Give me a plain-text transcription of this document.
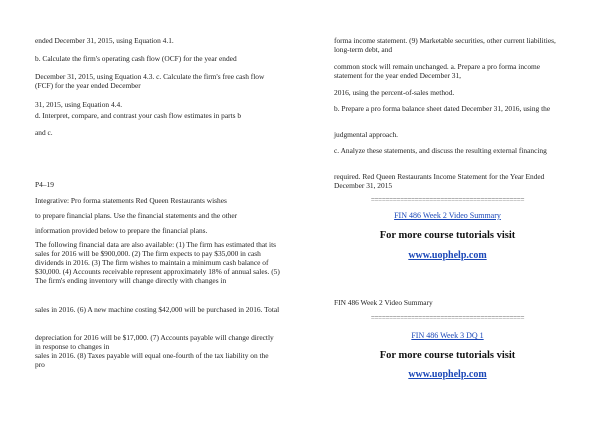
ended December 31, 2015, using Equation 4.1.

b. Calculate the firm's operating cash flow (OCF) for the year ended

December 31, 2015, using Equation 4.3. c. Calculate the firm's free cash flow (FCF) for the year ended December

31, 2015, using Equation 4.4.

d. Interpret, compare, and contrast your cash flow estimates in parts b

and c.

P4–19

Integrative: Pro forma statements Red Queen Restaurants wishes

to prepare financial plans. Use the financial statements and the other

information provided below to prepare the financial plans.

The following financial data are also available: (1) The firm has estimated that its sales for 2016 will be $900,000. (2) The firm expects to pay $35,000 in cash dividends in 2016. (3) The firm wishes to maintain a minimum cash balance of $30,000. (4) Accounts receivable represent approximately 18% of annual sales. (5) The firm's ending inventory will change directly with changes in

sales in 2016. (6) A new machine costing $42,000 will be purchased in 2016. Total

depreciation for 2016 will be $17,000. (7) Accounts payable will change directly in response to changes in

sales in 2016. (8) Taxes payable will equal one-fourth of the tax liability on the pro

forma income statement. (9) Marketable securities, other current liabilities, long-term debt, and

common stock will remain unchanged. a. Prepare a pro forma income statement for the year ended December 31,

2016, using the percent-of-sales method.

b. Prepare a pro forma balance sheet dated December 31, 2016, using the

judgmental approach.

c. Analyze these statements, and discuss the resulting external financing

required. Red Queen Restaurants Income Statement for the Year Ended December 31, 2015

==========================================

FIN 486 Week 2 Video Summary

For more course tutorials visit

www.uophelp.com

FIN 486 Week 2 Video Summary

==========================================

FIN 486 Week 3 DQ 1

For more course tutorials visit

www.uophelp.com
